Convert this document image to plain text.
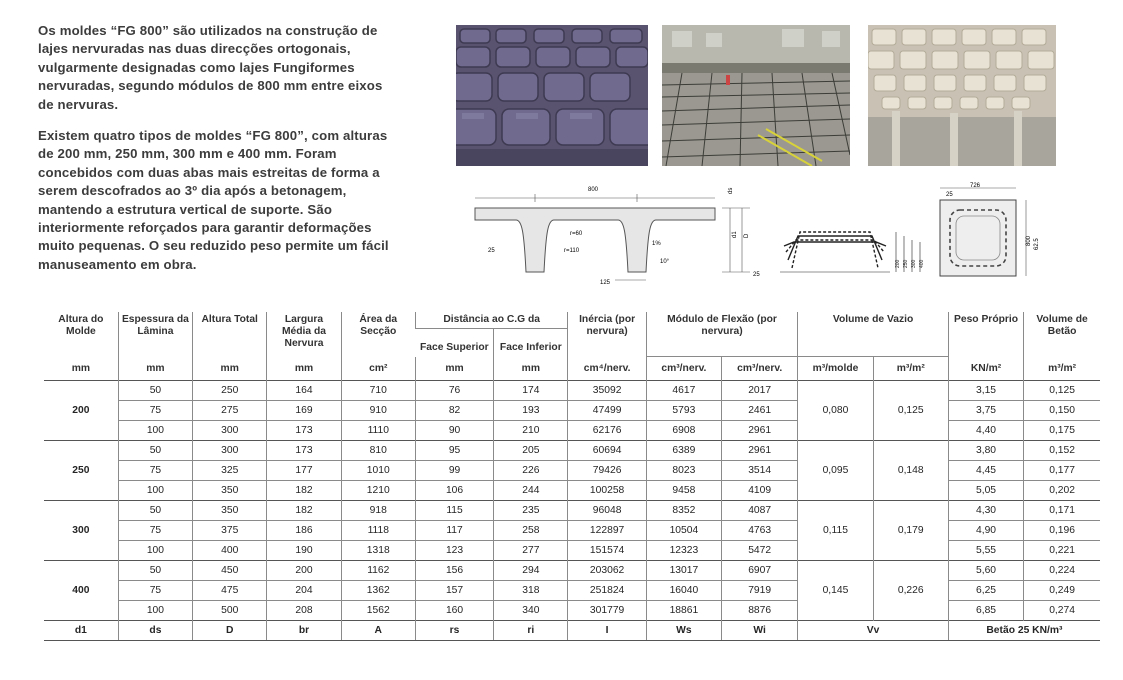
Os moldes “FG 800” são utilizados na construção de lajes nervuradas nas duas direcções ortogonais, vulgarmente designadas como lajes Fungiformes nervuradas, segundo módulos de 800 mm entre eixos de nervuras.

Existem quatro tipos de moldes “FG 800”, com alturas de 200 mm, 250 mm, 300 mm e 400 mm. Foram concebidos com duas abas mais estreitas de forma a serem descofrados ao 3º dia após a betonagem, mantendo a estrutura vertical de suporte. São interiormente reforçados para garantir deformações muito pequenas. O seu reduzido peso permite um fácil manuseamento em obra.

800
r=60
r=110
1%
10°
125
ds
d1 D
25
25
200 250 300 400
726
25
800 62.5
Altura do Molde	Espessura da Lâmina	Altura Total	Largura Média da Nervura	Área da Secção	Distância ao C.G da		Inércia (por nervura)	Módulo de Flexão (por nervura)		Volume de Vazio		Peso Próprio	Volume de Betão
					Face Superior	Face Inferior							
mm	mm	mm	mm	cm²	mm	mm	cm⁴/nerv.	cm³/nerv.	cm³/nerv.	m³/molde	m³/m²	KN/m²	m³/m²
200	50	250	164	710	76	174	35092	4617	2017	0,080	0,125	3,15	0,125
	75	275	169	910	82	193	47499	5793	2461			3,75	0,150
	100	300	173	1110	90	210	62176	6908	2961			4,40	0,175
250	50	300	173	810	95	205	60694	6389	2961	0,095	0,148	3,80	0,152
	75	325	177	1010	99	226	79426	8023	3514			4,45	0,177
	100	350	182	1210	106	244	100258	9458	4109			5,05	0,202
300	50	350	182	918	115	235	96048	8352	4087	0,115	0,179	4,30	0,171
	75	375	186	1118	117	258	122897	10504	4763			4,90	0,196
	100	400	190	1318	123	277	151574	12323	5472			5,55	0,221
400	50	450	200	1162	156	294	203062	13017	6907	0,145	0,226	5,60	0,224
	75	475	204	1362	157	318	251824	16040	7919			6,25	0,249
	100	500	208	1562	160	340	301779	18861	8876			6,85	0,274
d1	ds	D	br	A	rs	ri	I	Ws	Wi	Vv		Betão 25 KN/m³	
